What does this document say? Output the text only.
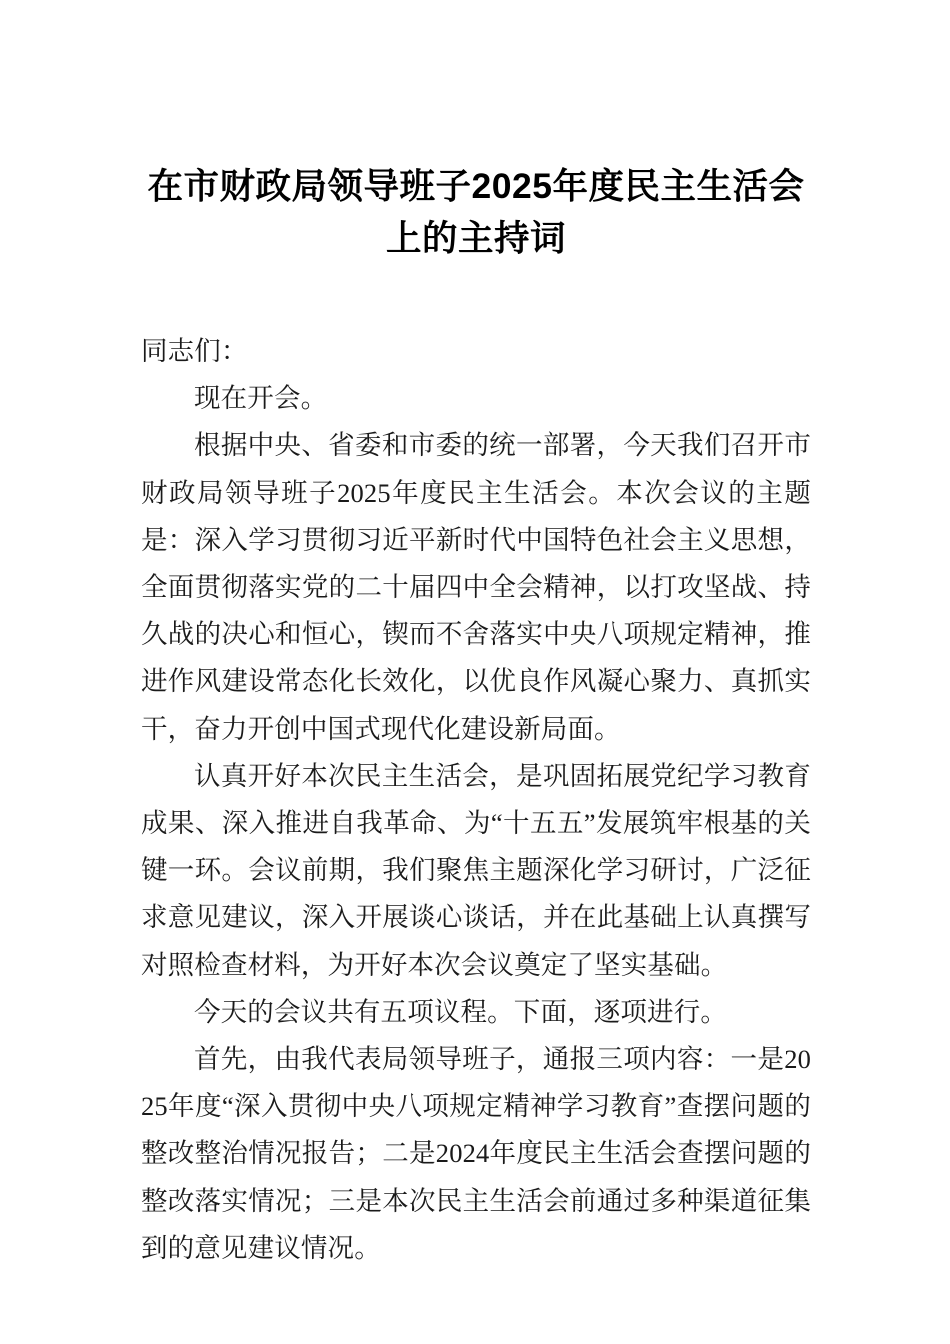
在市财政局领导班子2025年度民主生活会上的主持词

同志们：

现在开会。

根据中央、省委和市委的统一部署，今天我们召开市财政局领导班子2025年度民主生活会。本次会议的主题是：深入学习贯彻习近平新时代中国特色社会主义思想，全面贯彻落实党的二十届四中全会精神，以打攻坚战、持久战的决心和恒心，锲而不舍落实中央八项规定精神，推进作风建设常态化长效化，以优良作风凝心聚力、真抓实干，奋力开创中国式现代化建设新局面。

认真开好本次民主生活会，是巩固拓展党纪学习教育成果、深入推进自我革命、为“十五五”发展筑牢根基的关键一环。会议前期，我们聚焦主题深化学习研讨，广泛征求意见建议，深入开展谈心谈话，并在此基础上认真撰写对照检查材料，为开好本次会议奠定了坚实基础。

今天的会议共有五项议程。下面，逐项进行。

首先，由我代表局领导班子，通报三项内容：一是2025年度“深入贯彻中央八项规定精神学习教育”查摆问题的整改整治情况报告；二是2024年度民主生活会查摆问题的整改落实情况；三是本次民主生活会前通过多种渠道征集到的意见建议情况。
